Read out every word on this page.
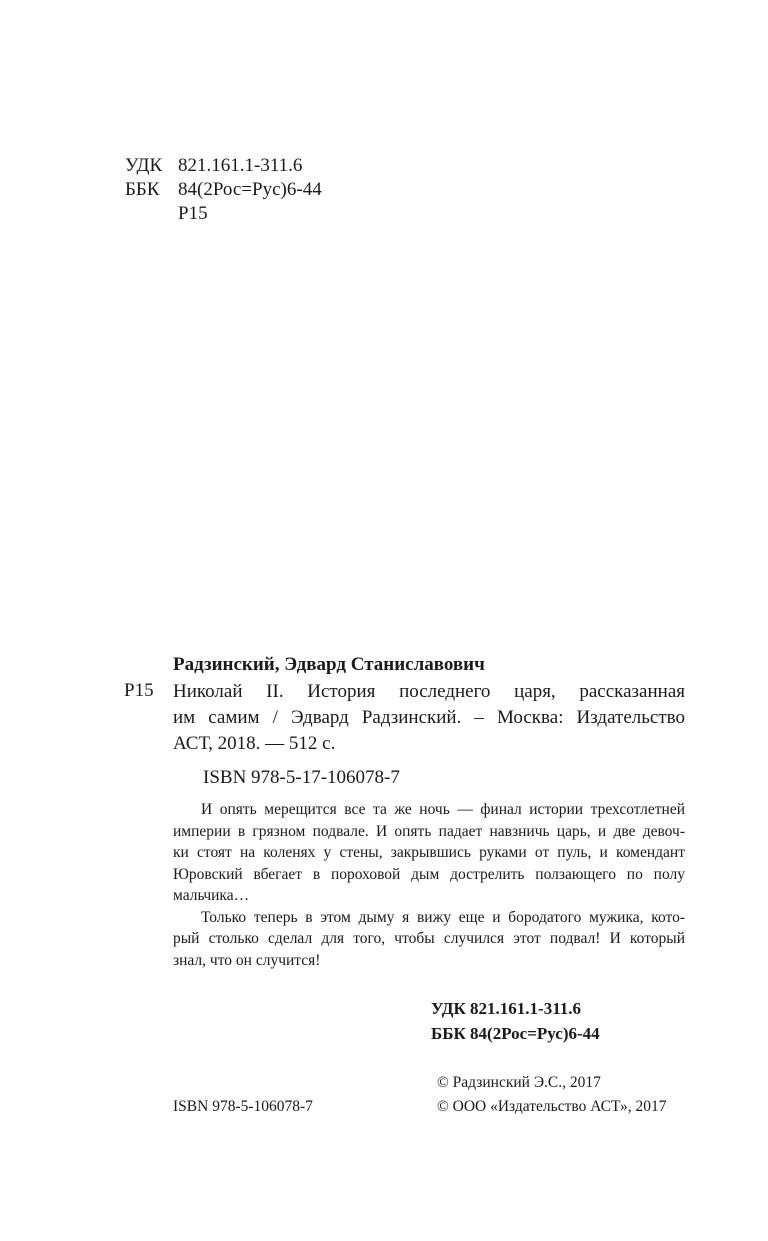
УДК 821.161.1-311.6
ББК 84(2Рос=Рус)6-44
Р15
Радзинский, Эдвард Станиславович
Р15 Николай II. История последнего царя, рассказанная
им самим / Эдвард Радзинский. – Москва: Издательство
АСТ, 2018. — 512 с.
ISBN 978-5-17-106078-7
И опять мерещится все та же ночь — финал истории трехсотлетней
империи в грязном подвале. И опять падает навзничь царь, и две девоч-
ки стоят на коленях у стены, закрывшись руками от пуль, и комендант
Юровский вбегает в пороховой дым дострелить ползающего по полу
мальчика…
Только теперь в этом дыму я вижу еще и бородатого мужика, кото-
рый столько сделал для того, чтобы случился этот подвал! И который
знал, что он случится!
УДК 821.161.1-311.6
ББК 84(2Рос=Рус)6-44
© Радзинский Э.С., 2017
© ООО «Издательство АСТ», 2017
ISBN 978-5-106078-7
